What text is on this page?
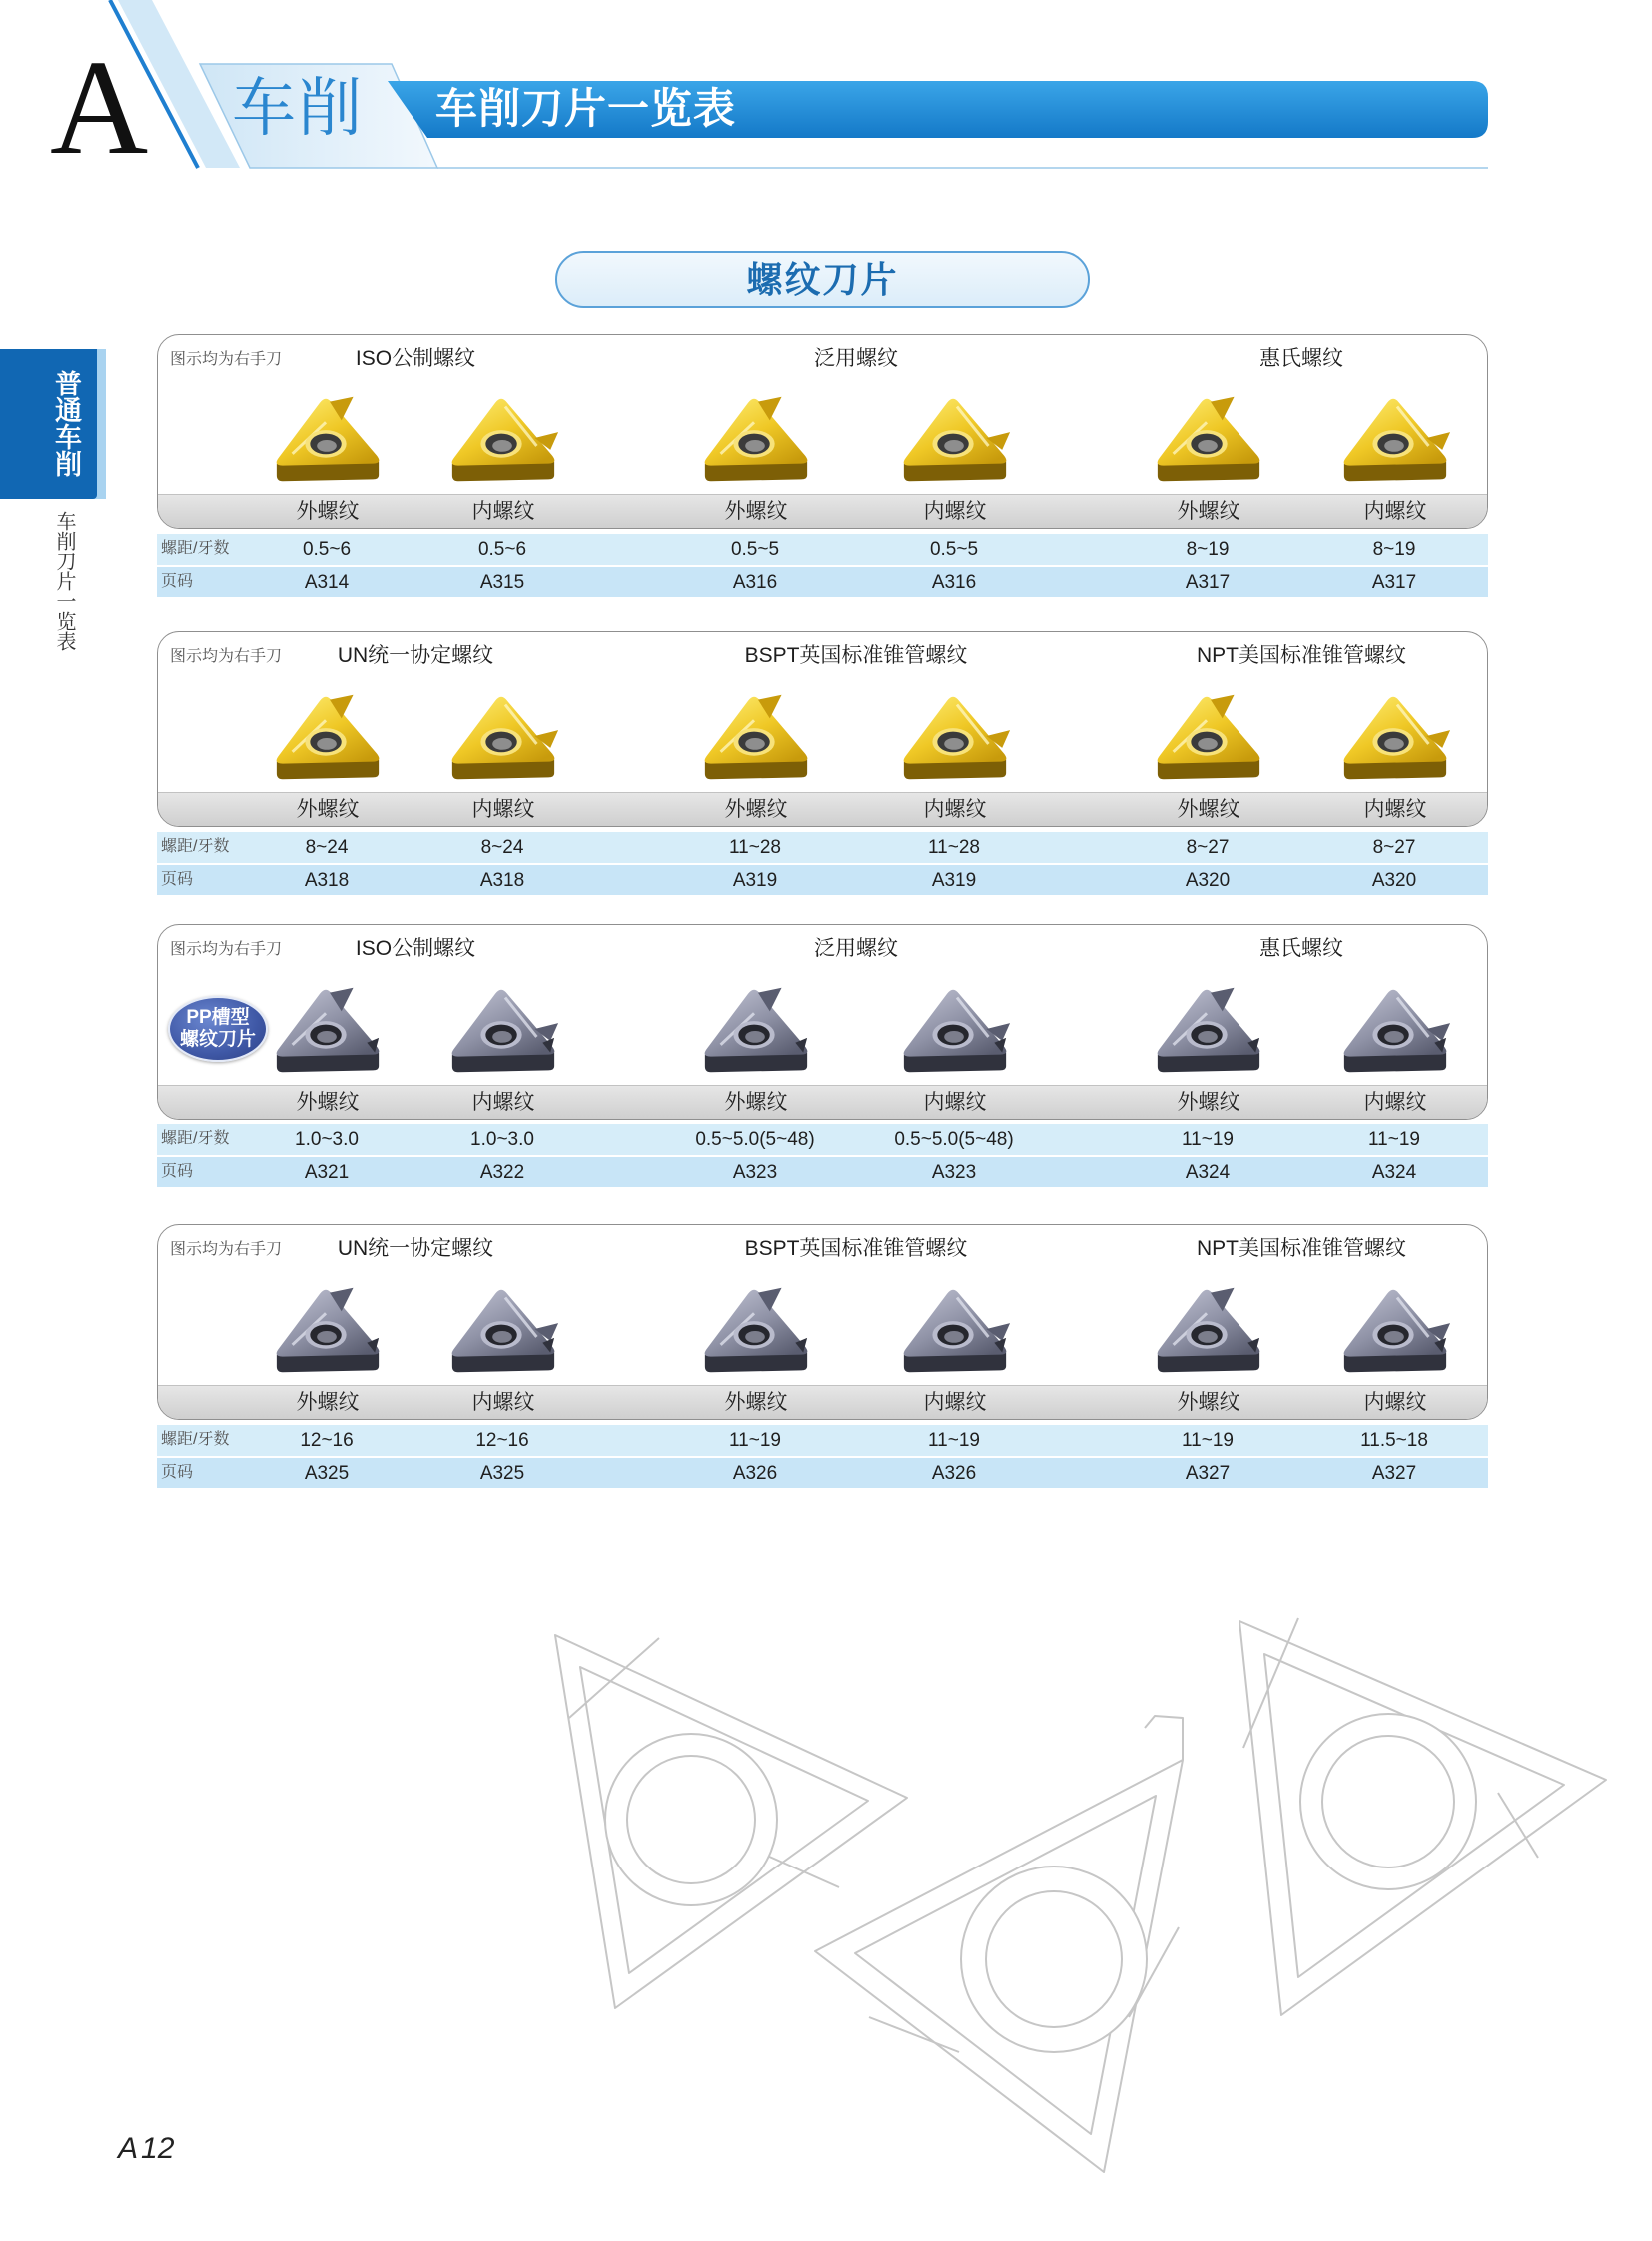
A 车削 车削刀片一览表
普通车削
车削刀片一览表
螺纹刀片
图示均为右手刀	ISO公制螺纹	泛用螺纹	惠氏螺纹
外螺纹	内螺纹	外螺纹	内螺纹	外螺纹	内螺纹
螺距/牙数	0.5~6	0.5~6	0.5~5	0.5~5	8~19	8~19
页码	A314	A315	A316	A316	A317	A317
图示均为右手刀	UN统一协定螺纹	BSPT英国标准锥管螺纹	NPT美国标准锥管螺纹
外螺纹	内螺纹	外螺纹	内螺纹	外螺纹	内螺纹
螺距/牙数	8~24	8~24	11~28	11~28	8~27	8~27
页码	A318	A318	A319	A319	A320	A320
图示均为右手刀	ISO公制螺纹	泛用螺纹	惠氏螺纹
PP槽型
螺纹刀片
外螺纹	内螺纹	外螺纹	内螺纹	外螺纹	内螺纹
螺距/牙数	1.0~3.0	1.0~3.0	0.5~5.0(5~48)	0.5~5.0(5~48)	11~19	11~19
页码	A321	A322	A323	A323	A324	A324
图示均为右手刀	UN统一协定螺纹	BSPT英国标准锥管螺纹	NPT美国标准锥管螺纹
外螺纹	内螺纹	外螺纹	内螺纹	外螺纹	内螺纹
螺距/牙数	12~16	12~16	11~19	11~19	11~19	11.5~18
页码	A325	A325	A326	A326	A327	A327
A 12
